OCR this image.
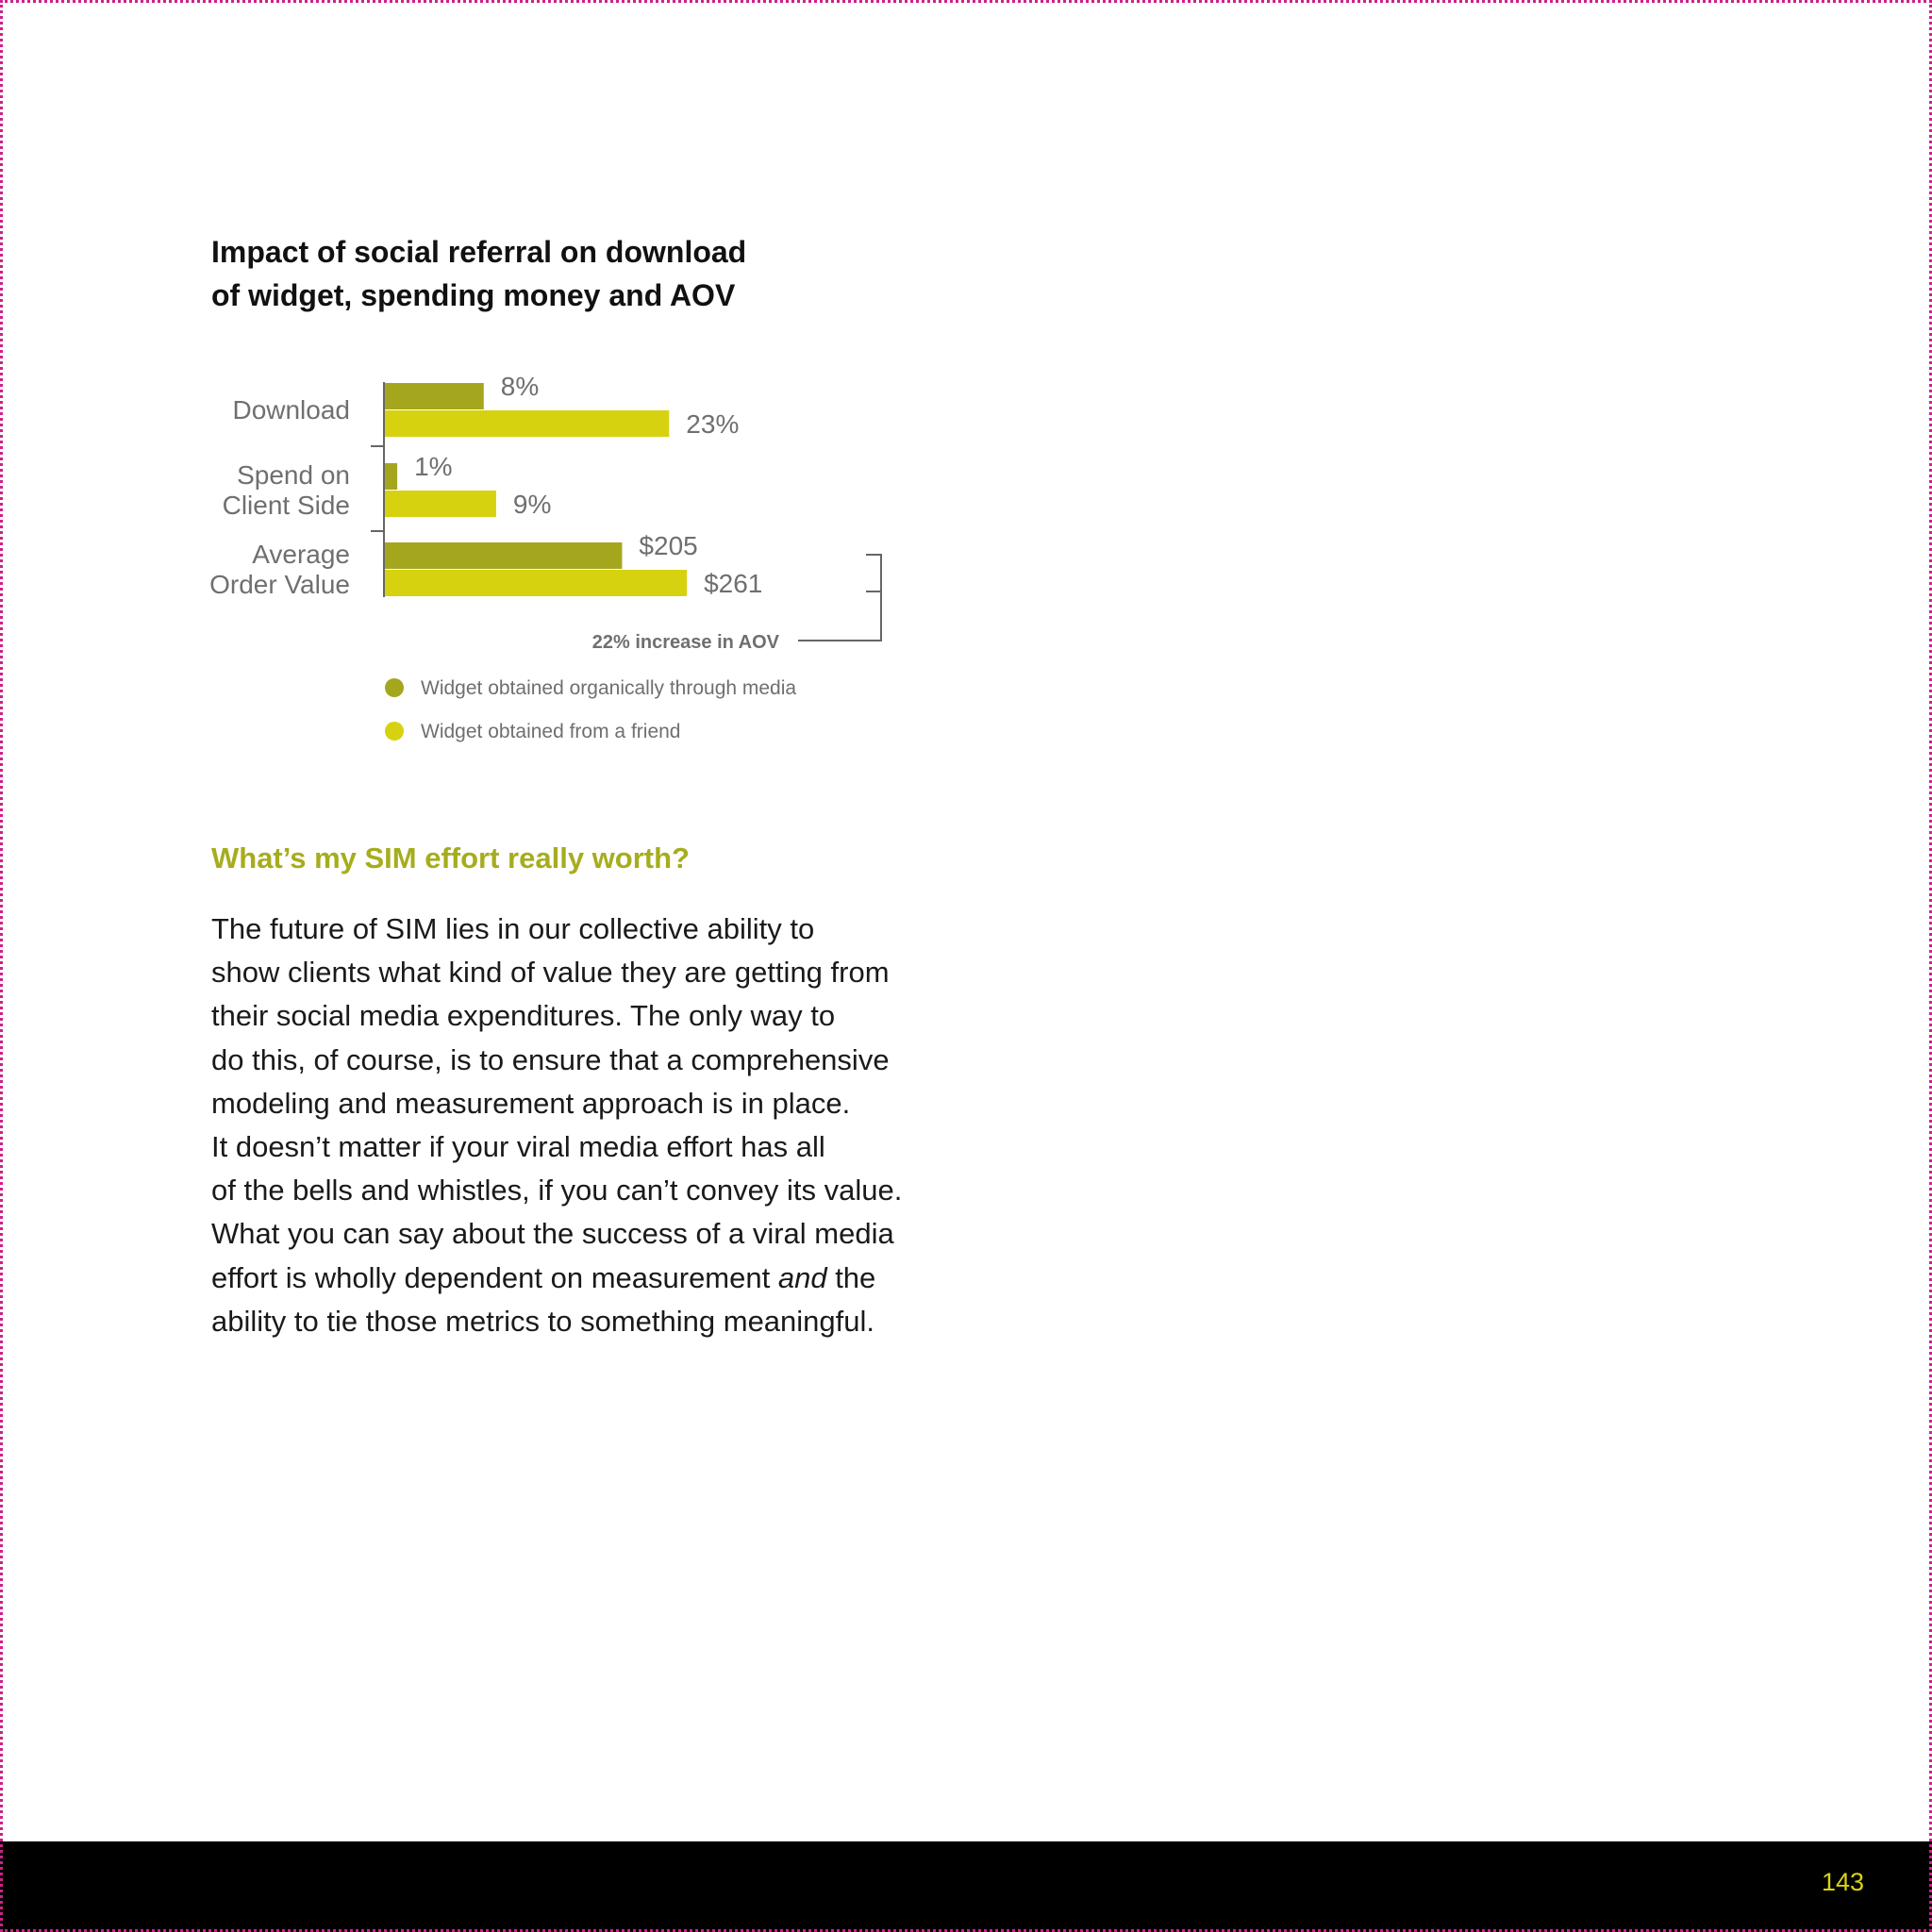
Impact of social referral on download
of widget, spending money and AOV
8%
23%
Download
1%
9%
Spend on
Client Side
$205
$261
Average
Order Value
22% increase in AOV
Widget obtained organically through media
Widget obtained from a friend
What’s my SIM effort really worth?
The future of SIM lies in our collective ability to
show clients what kind of value they are getting from
their social media expenditures. The only way to
do this, of course, is to ensure that a comprehensive
modeling and measurement approach is in place.
It doesn’t matter if your viral media effort has all
of the bells and whistles, if you can’t convey its value.
What you can say about the success of a viral media
effort is wholly dependent on measurement and the
ability to tie those metrics to something meaningful.
143
